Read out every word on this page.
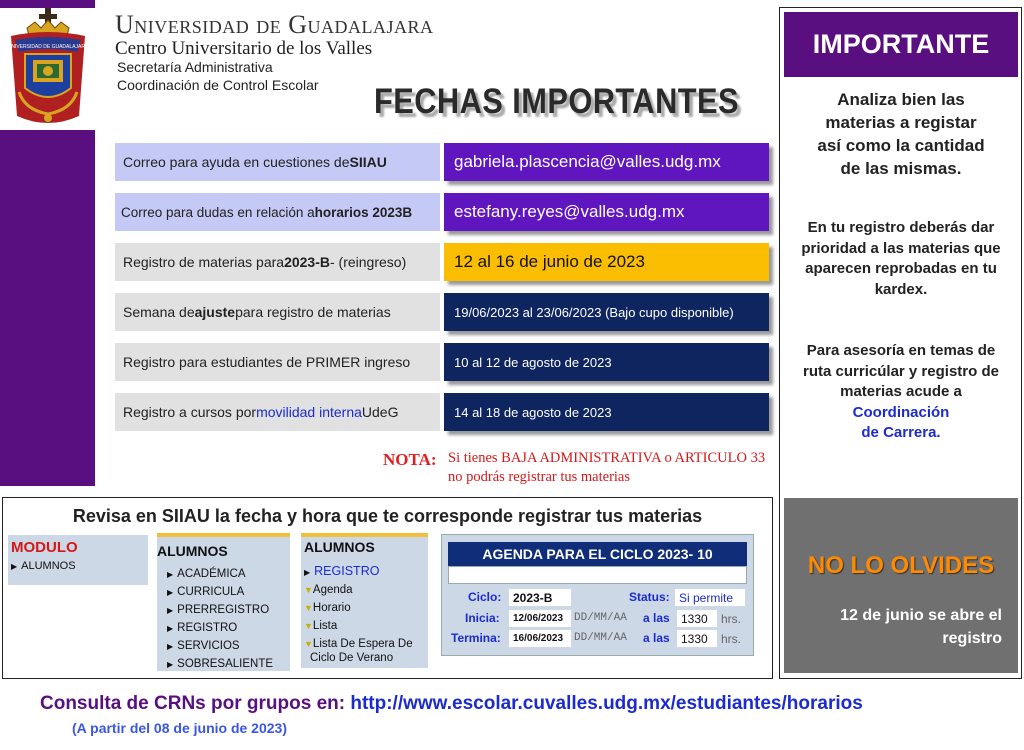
UNIVERSIDAD DE GUADALAJARA
Universidad de Guadalajara
Centro Universitario de los Valles
Secretaría Administrativa
Coordinación de Control Escolar FECHAS IMPORTANTES
Correo para ayuda en cuestiones de SIIAU	gabriela.plascencia@valles.udg.mx
Correo para dudas en relación a horarios 2023B	estefany.reyes@valles.udg.mx
Registro de materias para 2023-B - (reingreso)	12 al 16 de junio de 2023
Semana de ajuste para registro de materias	19/06/2023 al 23/06/2023 (Bajo cupo disponible)
Registro para estudiantes de PRIMER ingreso	10 al 12 de agosto de 2023
Registro a cursos por movilidad interna UdeG	14 al 18 de agosto de 2023
NOTA: Si tienes BAJA ADMINISTRATIVA o ARTICULO 33 no podrás registrar tus materias
IMPORTANTE
Analiza bien las materias a registar así como la cantidad de las mismas.
En tu registro deberás dar prioridad a las materias que aparecen reprobadas en tu kardex.
Para asesoría en temas de ruta curricúlar y registro de materias acude a
Coordinación de Carrera.
NO LO OLVIDES
12 de junio se abre el registro
Revisa en SIIAU la fecha y hora que te corresponde registrar tus materias
MODULO
▶ ALUMNOS
ALUMNOS
▶ ACADÉMICA
▶ CURRICULA
▶ PRERREGISTRO
▶ REGISTRO
▶ SERVICIOS
▶ SOBRESALIENTE
ALUMNOS
▶ REGISTRO
▼Agenda
▼Horario
▼Lista
▼Lista De Espera De
Ciclo De Verano
AGENDA PARA EL CICLO 2023- 10
Ciclo: 2023-B	Status: Si permite
Inicia:	12/06/2023 DD/MM/AA a las 1330	hrs.
Termina:	16/06/2023 DD/MM/AA a las 1330	hrs.
Consulta de CRNs por grupos en: http://www.escolar.cuvalles.udg.mx/estudiantes/horarios
(A partir del 08 de junio de 2023)
